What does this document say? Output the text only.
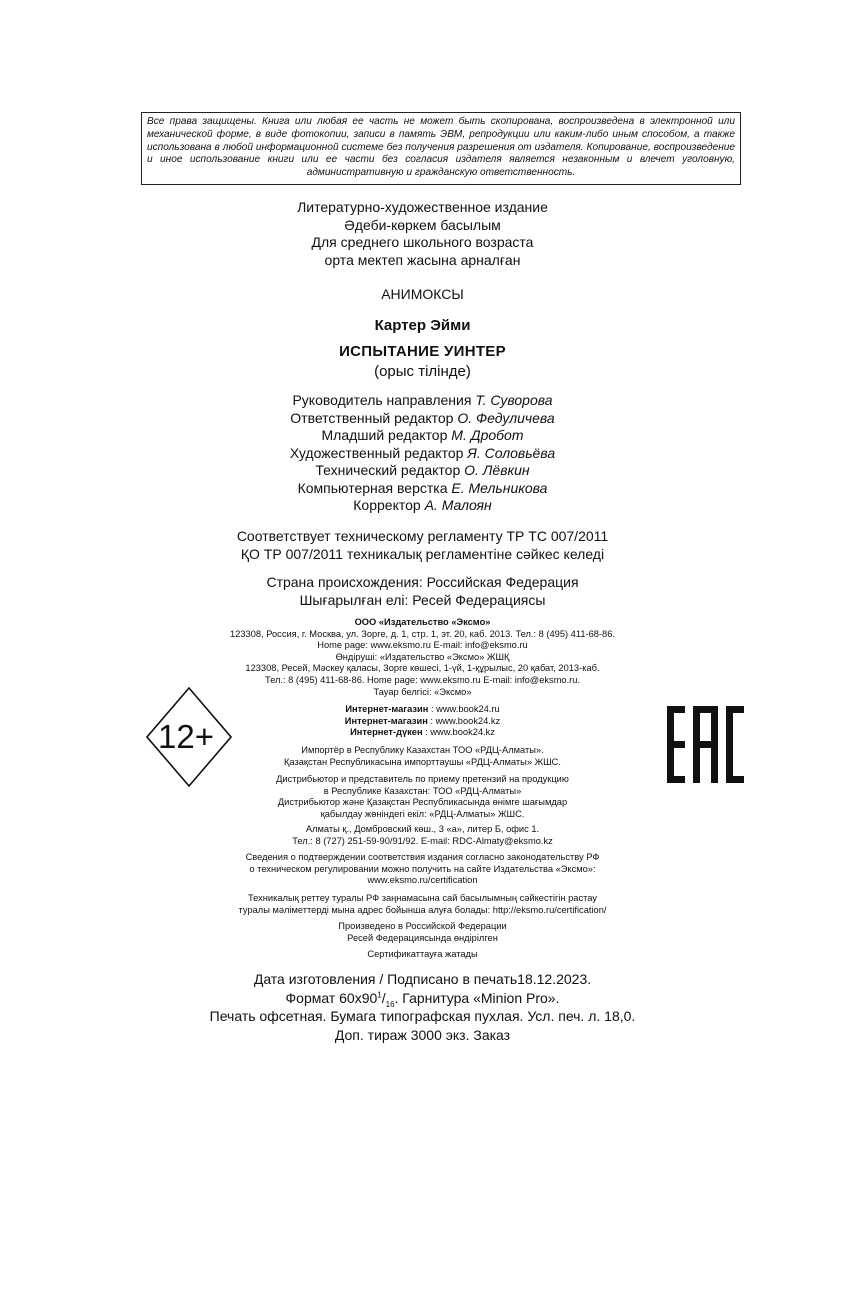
Все права защищены. Книга или любая ее часть не может быть скопирована, воспроизведена в электронной или механической форме, в виде фотокопии, записи в память ЭВМ, репродукции или каким-либо иным способом, а также использована в любой информационной системе без получения разрешения от издателя. Копирование, воспроизведение и иное использование книги или ее части без согласия издателя является незаконным и влечет уголовную, административную и гражданскую ответственность.
Литературно-художественное издание
Әдеби-көркем басылым
Для среднего школьного возраста
орта мектеп жасына арналған
АНИМОКСЫ
Картер Эйми
ИСПЫТАНИЕ УИНТЕР
(орыс тілінде)
Руководитель направления Т. Суворова
Ответственный редактор О. Федуличева
Младший редактор М. Дробот
Художественный редактор Я. Соловьёва
Технический редактор О. Лёвкин
Компьютерная верстка Е. Мельникова
Корректор А. Малоян
Соответствует техническому регламенту ТР ТС 007/2011
ҚО ТР 007/2011 техникалық регламентіне сәйкес келеді
Страна происхождения: Российская Федерация
Шығарылған елі: Ресей Федерациясы
ООО «Издательство «Эксмо»
123308, Россия, г. Москва, ул. Зорге, д. 1, стр. 1, эт. 20, каб. 2013. Тел.: 8 (495) 411-68-86.
Home page: www.eksmo.ru E-mail: info@eksmo.ru
Өндіруші: «Издательство «Эксмо» ЖШҚ
123308, Ресей, Мәскеу қаласы, Зорге көшесі, 1-үй, 1-құрылыс, 20 қабат, 2013-каб.
Тел.: 8 (495) 411-68-86. Home page: www.eksmo.ru E-mail: info@eksmo.ru.
Тауар белгісі: «Эксмо»
Интернет-магазин : www.book24.ru
Интернет-магазин : www.book24.kz
Интернет-дүкен : www.book24.kz
Импортёр в Республику Казахстан ТОО «РДЦ-Алматы».
Қазақстан Республикасына импорттаушы «РДЦ-Алматы» ЖШС.
Дистрибьютор и представитель по приему претензий на продукцию
в Республике Казахстан: ТОО «РДЦ-Алматы»
Дистрибьютор және Қазақстан Республикасында өнімге шағымдар
қабылдау жөніндегі екіл: «РДЦ-Алматы» ЖШС.
Алматы қ., Домбровский көш., 3 «а», литер Б, офис 1.
Тел.: 8 (727) 251-59-90/91/92. E-mail: RDC-Almaty@eksmo.kz
Сведения о подтверждении соответствия издания согласно законодательству РФ
о техническом регулировании можно получить на сайте Издательства «Эксмо»:
www.eksmo.ru/certification
Техникалық реттеу туралы РФ заңнамасына сай басылымның сәйкестігін растау
туралы мәліметтерді мына адрес бойынша алуға болады: http://eksmo.ru/certification/
Произведено в Российской Федерации
Ресей Федерациясында өндірілген
Сертификаттауға жатады
Дата изготовления / Подписано в печать18.12.2023.
Формат $60x90^1/_{16}$. Гарнитура «Minion Pro».
Печать офсетная. Бумага типографская пухлая. Усл. печ. л. 18,0.
Доп. тираж 3000 экз. Заказ
12+
